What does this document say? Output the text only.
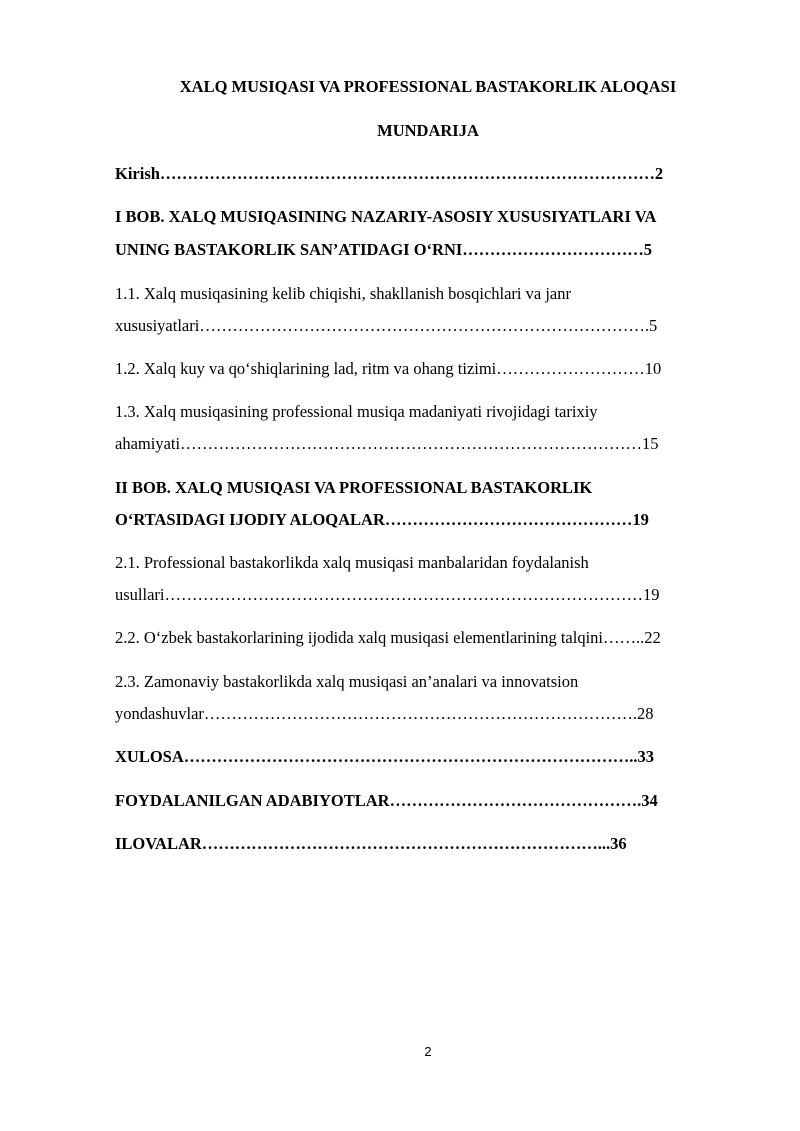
XALQ MUSIQASI VA PROFESSIONAL BASTAKORLIK ALOQASI
MUNDARIJA
Kirish………………………………………………………………………………2
I BOB. XALQ MUSIQASINING NAZARIY-ASOSIY XUSUSIYATLARI VA
UNING BASTAKORLIK SAN’ATIDAGI O‘RNI……………………………5
1.1. Xalq musiqasining kelib chiqishi, shakllanish bosqichlari va janr
xususiyatlari……………………………………………………………………….5
1.2. Xalq kuy va qo‘shiqlarining lad, ritm va ohang tizimi………………………10
1.3. Xalq musiqasining professional musiqa madaniyati rivojidagi tarixiy
ahamiyati…………………………………………………………………………15
II BOB. XALQ MUSIQASI VA PROFESSIONAL BASTAKORLIK
O‘RTASIDAGI IJODIY ALOQALAR………………………………………19
2.1. Professional bastakorlikda xalq musiqasi manbalaridan foydalanish
usullari……………………………………………………………………………19
2.2. O‘zbek bastakorlarining ijodida xalq musiqasi elementlarining talqini……..22
2.3. Zamonaviy bastakorlikda xalq musiqasi an’analari va innovatsion
yondashuvlar…………………………………………………………………….28
XULOSA………………………………………………………………………..33
FOYDALANILGAN ADABIYOTLAR……………………………………….34
ILOVALAR………………………………………………………………...36
2
